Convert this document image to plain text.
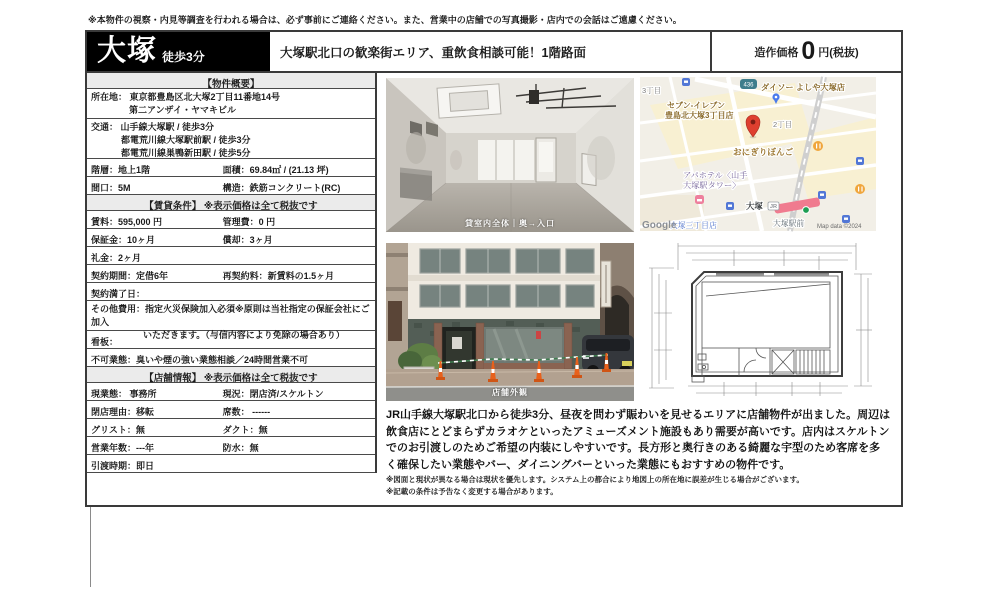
※本物件の視察・内見等調査を行われる場合は、必ず事前にご連絡ください。また、営業中の店舗での写真撮影・店内での会話はご遠慮ください。
大塚 徒歩3分	大塚駅北口の歓楽街エリア、重飲食相談可能！1階路面	造作価格 0 円(税抜)
【物件概要】
所在地： 東京都豊島区北大塚2丁目11番地14号
第二アンザイ・ヤマキビル
交通： 山手線大塚駅 / 徒歩3分
都電荒川線大塚駅前駅 / 徒歩3分
都電荒川線巣鴨新田駅 / 徒歩5分
階層：地上1階	面積：69.84㎡ / (21.13 坪)
間口：5M	構造：鉄筋コンクリート(RC)
【賃貸条件】 ※表示価格は全て税抜です
賃料：595,000 円	管理費：0 円
保証金：10ヶ月	償却：3ヶ月
礼金：2ヶ月
契約期間：定借6年	再契約料：新賃料の1.5ヶ月
契約満了日：
その他費用：指定火災保険加入必須※原則は当社指定の保証会社にご加入
いただきます。（与信内容により免除の場合あり）
看板：
不可業態：臭いや煙の強い業態相談／24時間営業不可
【店舗情報】 ※表示価格は全て税抜です
現業態： 事務所	現況：閉店済/スケルトン
閉店理由：移転	席数： ------
グリスト：無	ダクト：無
営業年数：---年	防水：無
引渡時期：即日
貸室内全体｜奥→入口
店舗外観
436
JR
3丁目	ダイソー よしや大塚店
セブン-イレブン
豊島北大塚3丁目店
2丁目
おにぎりぼんご
アパホテル〈山手
大塚駅タワー〉
大塚
大塚駅前
大塚三丁目店
Google	Map data ©2024
JR山手線大塚駅北口から徒歩3分、昼夜を問わず賑わいを見せるエリアに店舗物件が出ました。周辺は飲食店にとどまらずカラオケといったアミューズメント施設もあり需要が高いです。店内はスケルトンでのお引渡しのためご希望の内装にしやすいです。長方形と奥行きのある綺麗な宇型のため客席を多く確保したい業態やバー、ダイニングバーといった業態にもおすすめの物件です。
※図面と現状が異なる場合は現状を優先します。システム上の都合により地図上の所在地に誤差が生じる場合がございます。
※記載の条件は予告なく変更する場合があります。
